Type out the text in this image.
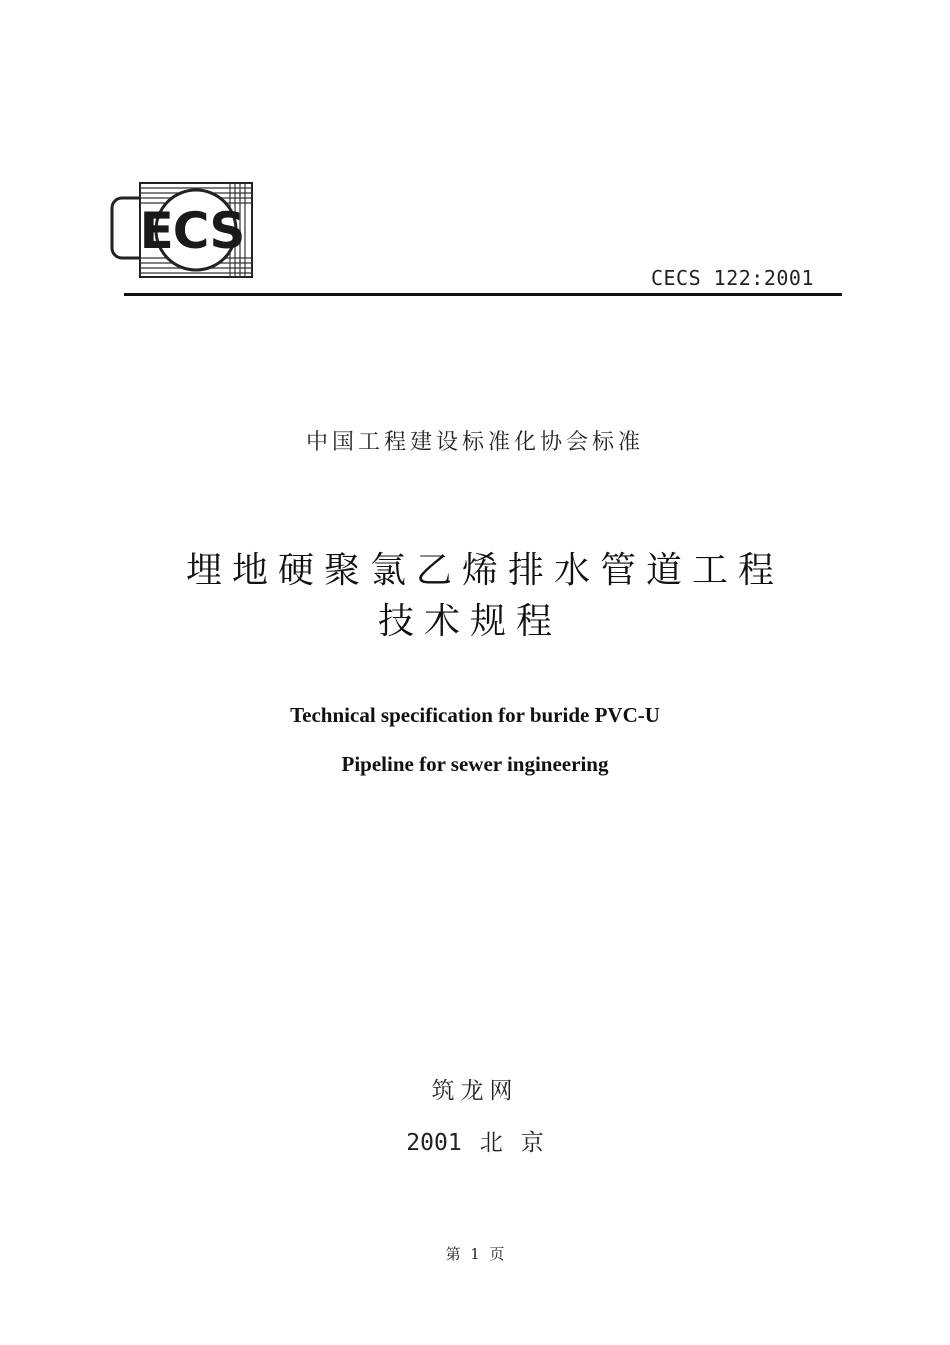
ECS
CECS 122:2001
中国工程建设标准化协会标准
埋地硬聚氯乙烯排水管道工程
技术规程
Technical specification for buride PVC-U
Pipeline for sewer ingineering
筑龙网
2001 北 京
第 1 页
